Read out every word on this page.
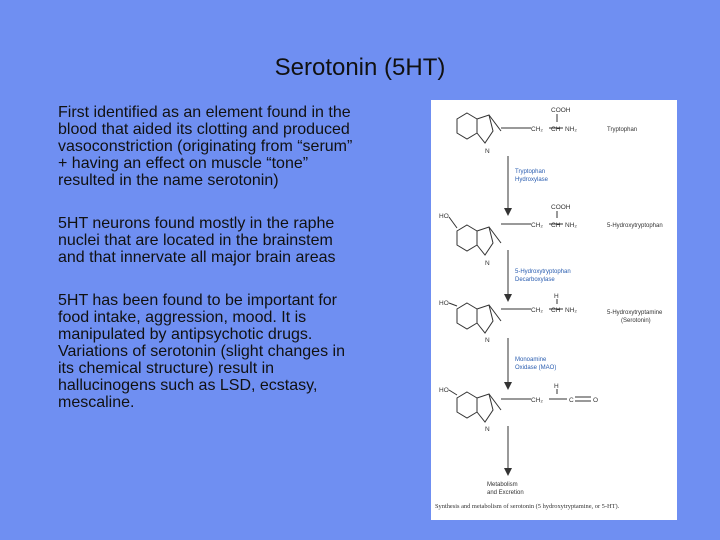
Serotonin (5HT)
First identified as an element found in the
blood that aided its clotting and produced
vasoconstriction (originating from “serum”
+ having an effect on muscle “tone”
resulted in the name serotonin)
5HT neurons found mostly in the raphe
nuclei that are located in the brainstem
and that innervate all major brain areas
5HT has been found to be important for
food intake, aggression, mood. It is
manipulated by antipsychotic drugs.
Variations of serotonin (slight changes in
its chemical structure) result in
hallucinogens such as LSD, ecstasy,
mescaline.
COOH
CH₂ CH NH₂
N
HO
COOH
CH₂ CH NH₂
N
HO
H
CH₂ CH NH₂
N
HO
H
CH₂	C	O
N
Tryptophan
5-Hydroxytryptophan
5-Hydroxytryptamine
(Serotonin)
Tryptophan
Hydroxylase
5-Hydroxytryptophan
Decarboxylase
Monoamine
Oxidase (MAO)
Metabolism
and Excretion
Synthesis and metabolism of serotonin (5 hydroxytryptamine, or 5-HT).
